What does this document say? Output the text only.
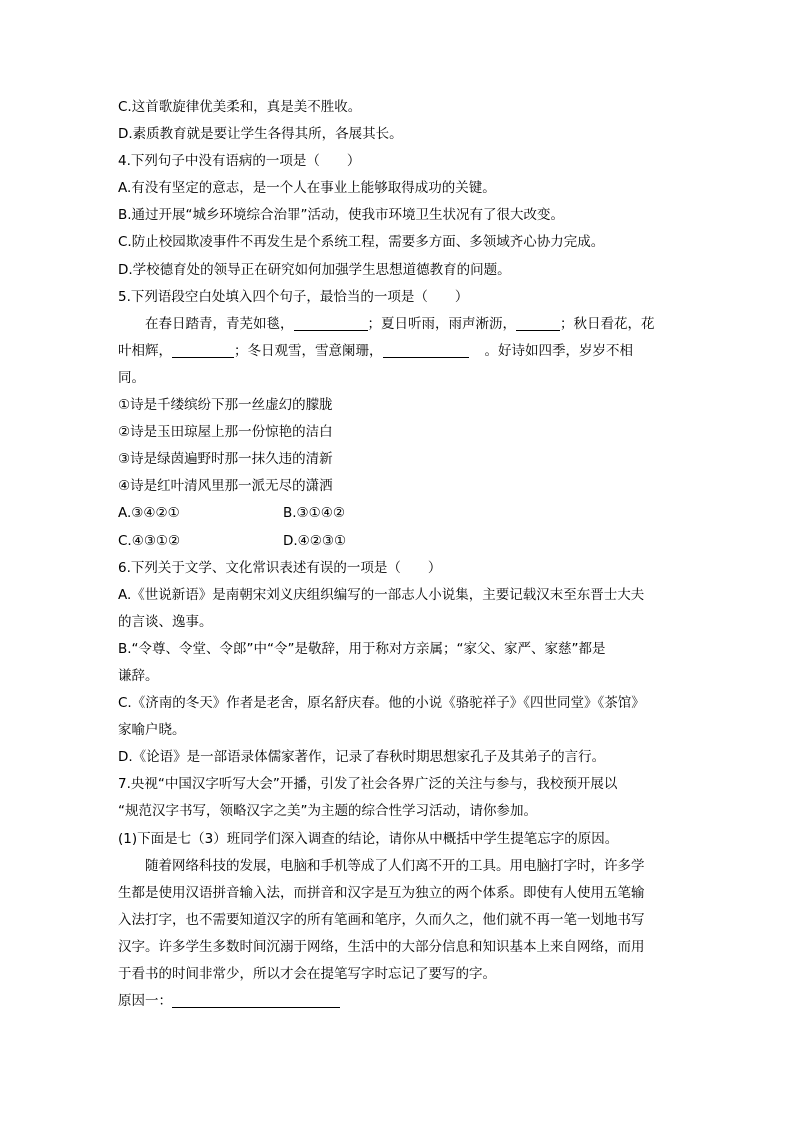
C.这首歌旋律优美柔和，真是美不胜收。
D.素质教育就是要让学生各得其所，各展其长。
4.下列句子中没有语病的一项是（　　）
A.有没有坚定的意志，是一个人在事业上能够取得成功的关键。
B.通过开展“城乡环境综合治罪”活动，使我市环境卫生状况有了很大改变。
C.防止校园欺凌事件不再发生是个系统工程，需要多方面、多领域齐心协力完成。
D.学校德育处的领导正在研究如何加强学生思想道德教育的问题。
5.下列语段空白处填入四个句子，最恰当的一项是（　　）
在春日踏青，青芜如毯，	；夏日听雨，雨声淅沥，	；秋日看花，花
叶相辉，	；冬日观雪，雪意阑珊，	。好诗如四季，岁岁不相
同。
①诗是千缕缤纷下那一丝虚幻的朦胧
②诗是玉田琼屋上那一份惊艳的洁白
③诗是绿茵遍野时那一抹久违的清新
④诗是红叶清风里那一派无尽的潇洒
A.③④②①	B.③①④②
C.④③①②	D.④②③①
6.下列关于文学、文化常识表述有误的一项是（　　）
A.《世说新语》是南朝宋刘义庆组织编写的一部志人小说集，主要记载汉末至东晋士大夫
的言谈、逸事。
B.“令尊、令堂、令郎”中“令”是敬辞，用于称对方亲属；“家父、家严、家慈”都是
谦辞。
C.《济南的冬天》作者是老舍，原名舒庆春。他的小说《骆驼祥子》《四世同堂》《茶馆》
家喻户晓。
D.《论语》是一部语录体儒家著作，记录了春秋时期思想家孔子及其弟子的言行。
7.央视“中国汉字听写大会”开播，引发了社会各界广泛的关注与参与，我校预开展以
“规范汉字书写，领略汉字之美”为主题的综合性学习活动，请你参加。
(1)下面是七（3）班同学们深入调查的结论，请你从中概括中学生提笔忘字的原因。
随着网络科技的发展，电脑和手机等成了人们离不开的工具。用电脑打字时，许多学
生都是使用汉语拼音输入法，而拼音和汉字是互为独立的两个体系。即使有人使用五笔输
入法打字，也不需要知道汉字的所有笔画和笔序，久而久之，他们就不再一笔一划地书写
汉字。许多学生多数时间沉溺于网络，生活中的大部分信息和知识基本上来自网络，而用
于看书的时间非常少，所以才会在提笔写字时忘记了要写的字。
原因一：
